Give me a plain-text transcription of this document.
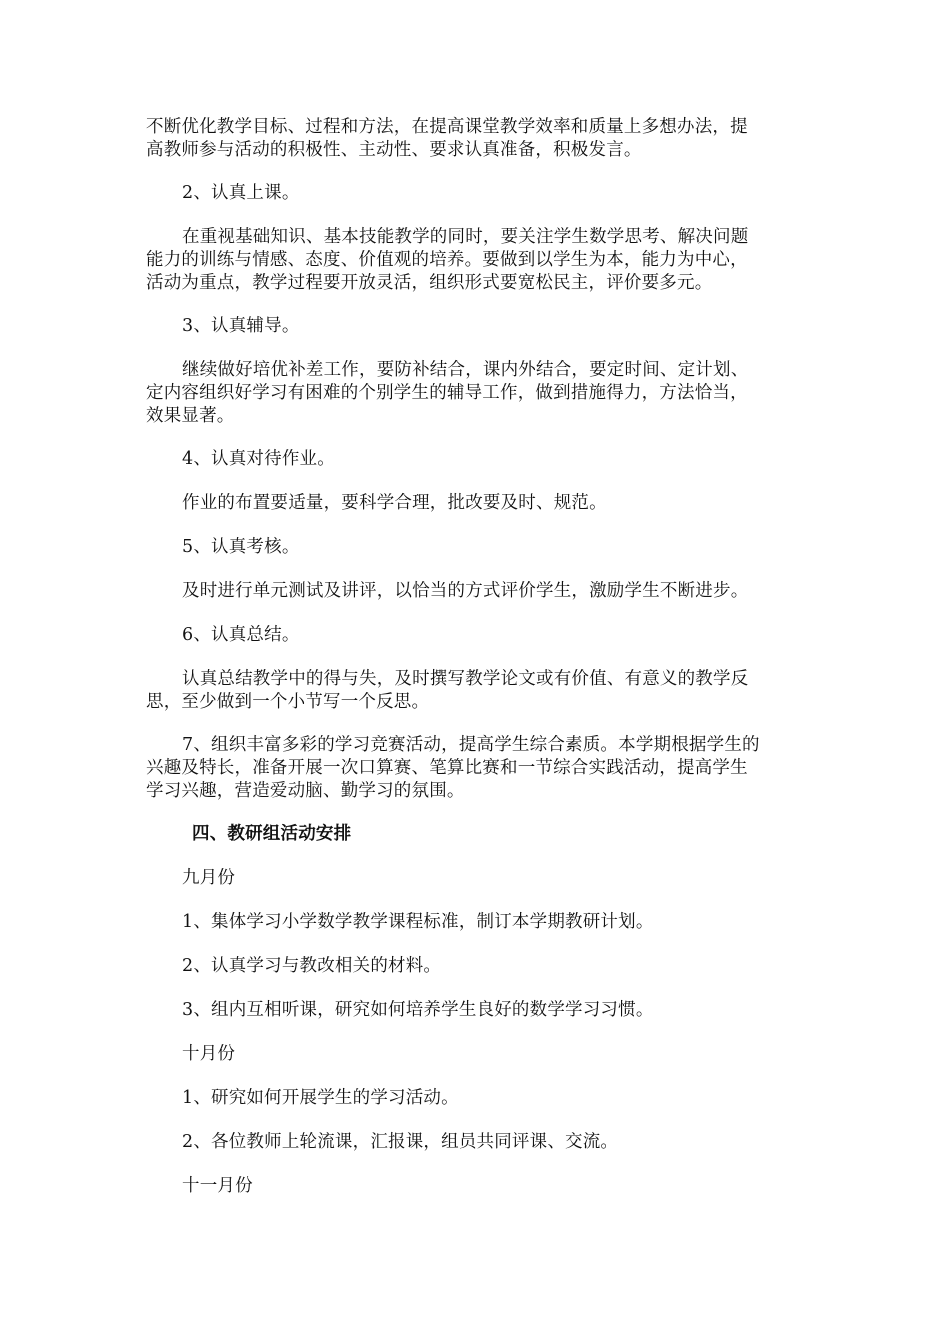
不断优化教学目标、过程和方法，在提高课堂教学效率和质量上多想办法，提
高教师参与活动的积极性、主动性、要求认真准备，积极发言。

2、认真上课。

在重视基础知识、基本技能教学的同时，要关注学生数学思考、解决问题
能力的训练与情感、态度、价值观的培养。要做到以学生为本，能力为中心，
活动为重点，教学过程要开放灵活，组织形式要宽松民主，评价要多元。

3、认真辅导。

继续做好培优补差工作，要防补结合，课内外结合，要定时间、定计划、
定内容组织好学习有困难的个别学生的辅导工作，做到措施得力，方法恰当，
效果显著。

4、认真对待作业。

作业的布置要适量，要科学合理，批改要及时、规范。

5、认真考核。

及时进行单元测试及讲评，以恰当的方式评价学生，激励学生不断进步。

6、认真总结。

认真总结教学中的得与失，及时撰写教学论文或有价值、有意义的教学反
思，至少做到一个小节写一个反思。

7、组织丰富多彩的学习竞赛活动，提高学生综合素质。本学期根据学生的
兴趣及特长，准备开展一次口算赛、笔算比赛和一节综合实践活动，提高学生
学习兴趣，营造爱动脑、勤学习的氛围。

四、教研组活动安排

九月份

1、集体学习小学数学教学课程标准，制订本学期教研计划。

2、认真学习与教改相关的材料。

3、组内互相听课，研究如何培养学生良好的数学学习习惯。

十月份

1、研究如何开展学生的学习活动。

2、各位教师上轮流课，汇报课，组员共同评课、交流。

十一月份
